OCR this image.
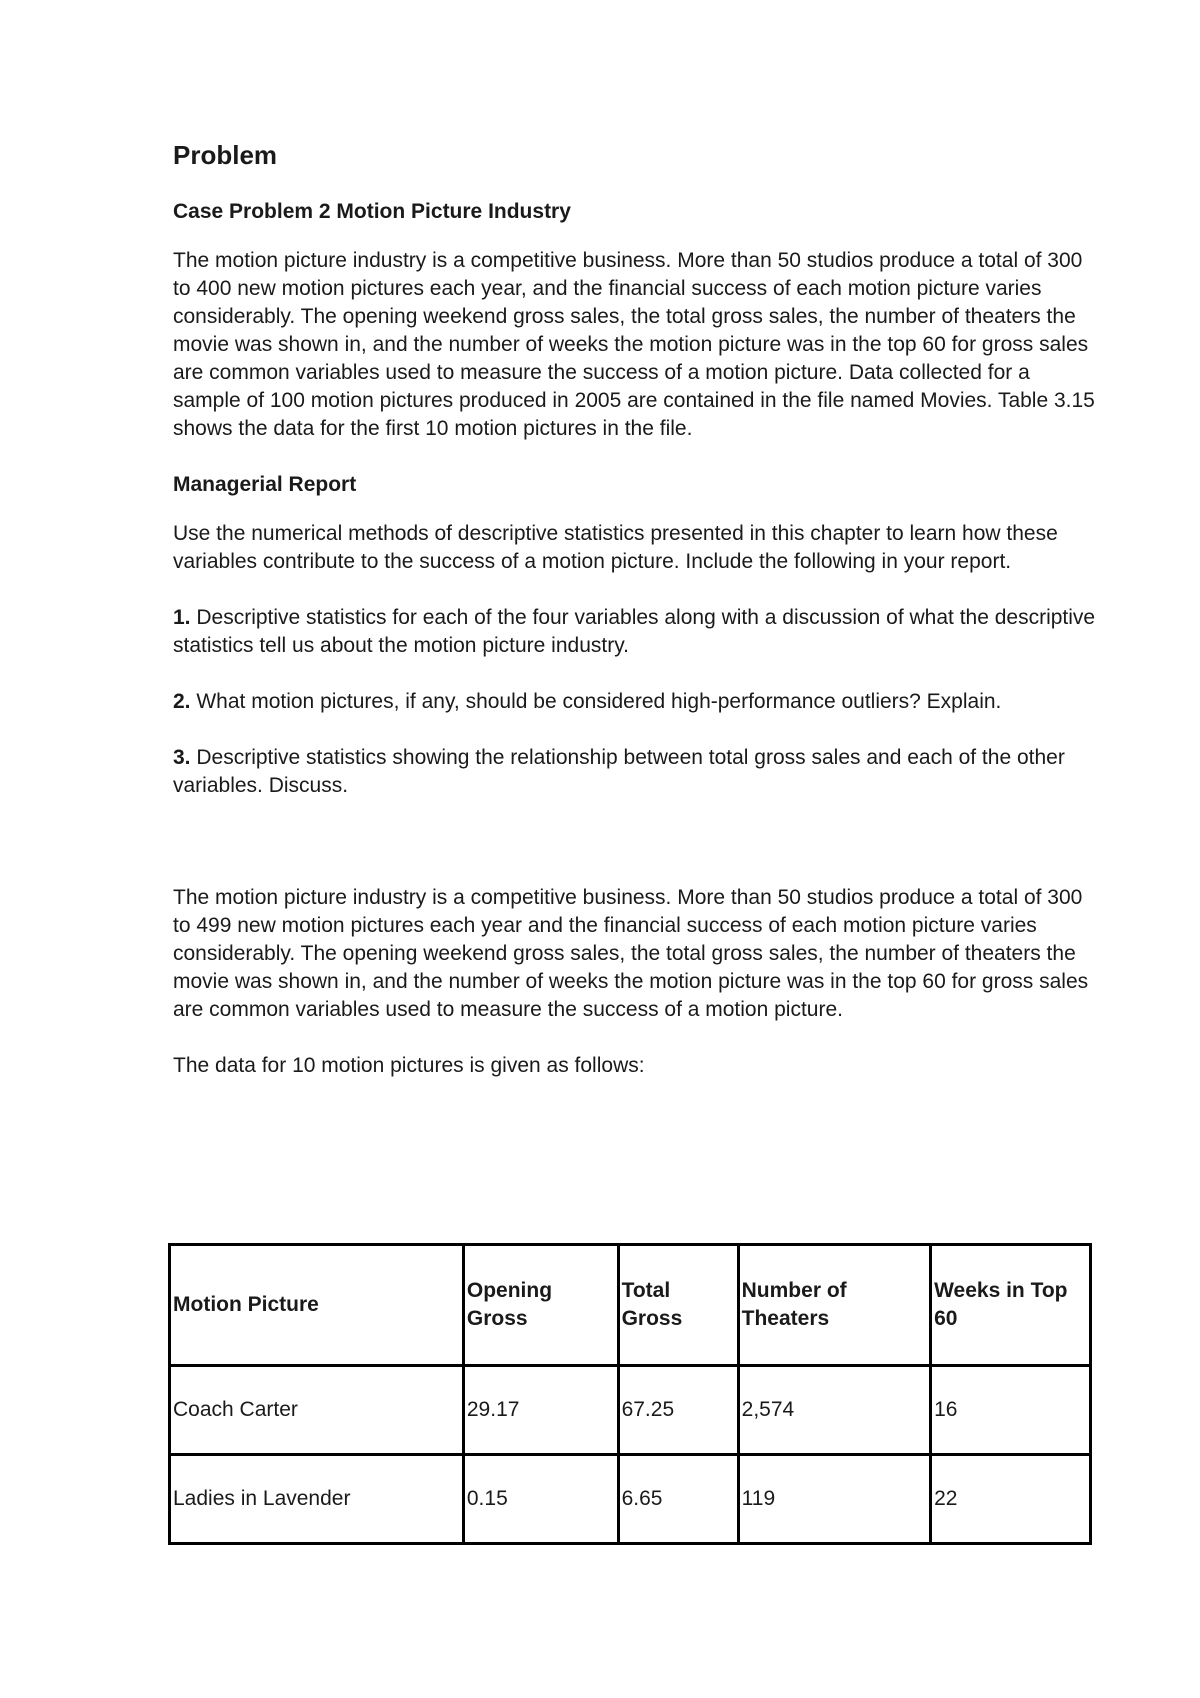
Problem
Case Problem 2 Motion Picture Industry

The motion picture industry is a competitive business. More than 50 studios produce a total of 300 to 400 new motion pictures each year, and the financial success of each motion picture varies considerably. The opening weekend gross sales, the total gross sales, the number of theaters the movie was shown in, and the number of weeks the motion picture was in the top 60 for gross sales are common variables used to measure the success of a motion picture. Data collected for a sample of 100 motion pictures produced in 2005 are contained in the file named Movies. Table 3.15 shows the data for the first 10 motion pictures in the file.

Managerial Report

Use the numerical methods of descriptive statistics presented in this chapter to learn how these variables contribute to the success of a motion picture. Include the following in your report.

1. Descriptive statistics for each of the four variables along with a discussion of what the descriptive statistics tell us about the motion picture industry.

2. What motion pictures, if any, should be considered high-performance outliers? Explain.

3. Descriptive statistics showing the relationship between total gross sales and each of the other variables. Discuss.

The motion picture industry is a competitive business. More than 50 studios produce a total of 300 to 499 new motion pictures each year and the financial success of each motion picture varies considerably. The opening weekend gross sales, the total gross sales, the number of theaters the movie was shown in, and the number of weeks the motion picture was in the top 60 for gross sales are common variables used to measure the success of a motion picture.

The data for 10 motion pictures is given as follows:

Motion Picture	Opening Gross	Total Gross	Number of Theaters	Weeks in Top 60
Coach Carter	29.17	67.25	2,574	16
Ladies in Lavender	0.15	6.65	119	22
